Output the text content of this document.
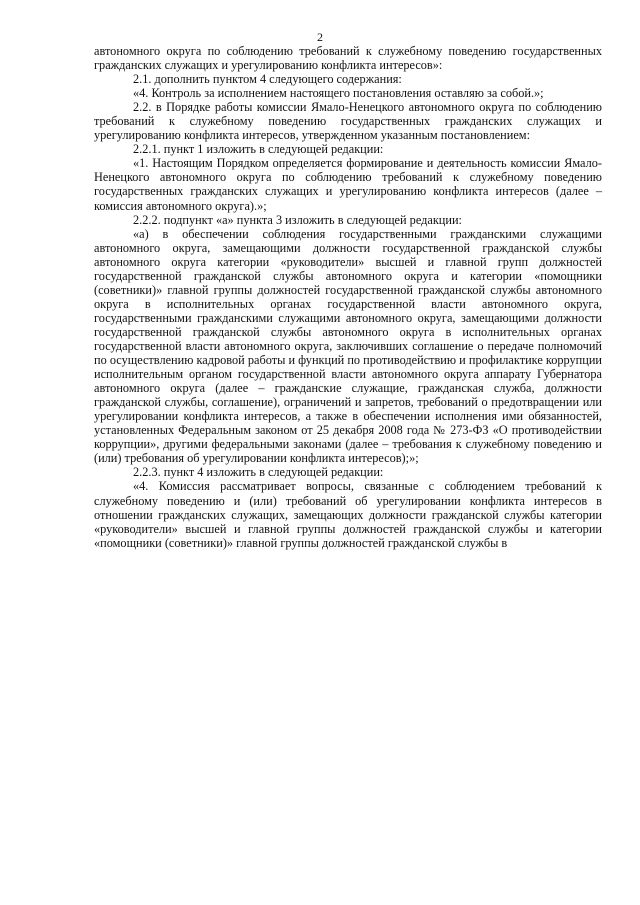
2

автономного округа по соблюдению требований к служебному поведению государственных гражданских служащих и урегулированию конфликта интересов»:

2.1. дополнить пунктом 4 следующего содержания:

«4. Контроль за исполнением настоящего постановления оставляю за собой.»;

2.2. в Порядке работы комиссии Ямало-Ненецкого автономного округа по соблюдению требований к служебному поведению государственных гражданских служащих и урегулированию конфликта интересов, утвержденном указанным постановлением:

2.2.1. пункт 1 изложить в следующей редакции:

«1. Настоящим Порядком определяется формирование и деятельность комиссии Ямало-Ненецкого автономного округа по соблюдению требований к служебному поведению государственных гражданских служащих и урегулированию конфликта интересов (далее – комиссия автономного округа).»;

2.2.2. подпункт «а» пункта 3 изложить в следующей редакции:

«а) в обеспечении соблюдения государственными гражданскими служащими автономного округа, замещающими должности государственной гражданской службы автономного округа категории «руководители» высшей и главной групп должностей государственной гражданской службы автономного округа и категории «помощники (советники)» главной группы должностей государственной гражданской службы автономного округа в исполнительных органах государственной власти автономного округа, государственными гражданскими служащими автономного округа, замещающими должности государственной гражданской службы автономного округа в исполнительных органах государственной власти автономного округа, заключивших соглашение о передаче полномочий по осуществлению кадровой работы и функций по противодействию и профилактике коррупции исполнительным органом государственной власти автономного округа аппарату Губернатора автономного округа (далее – гражданские служащие, гражданская служба, должности гражданской службы, соглашение), ограничений и запретов, требований о предотвращении или урегулировании конфликта интересов, а также в обеспечении исполнения ими обязанностей, установленных Федеральным законом от 25 декабря 2008 года № 273-ФЗ «О противодействии коррупции», другими федеральными законами (далее – требования к служебному поведению и (или) требования об урегулировании конфликта интересов);»;

2.2.3. пункт 4 изложить в следующей редакции:

«4. Комиссия рассматривает вопросы, связанные с соблюдением требований к служебному поведению и (или) требований об урегулировании конфликта интересов в отношении гражданских служащих, замещающих должности гражданской службы категории «руководители» высшей и главной группы должностей гражданской службы и категории «помощники (советники)» главной группы должностей гражданской службы в
